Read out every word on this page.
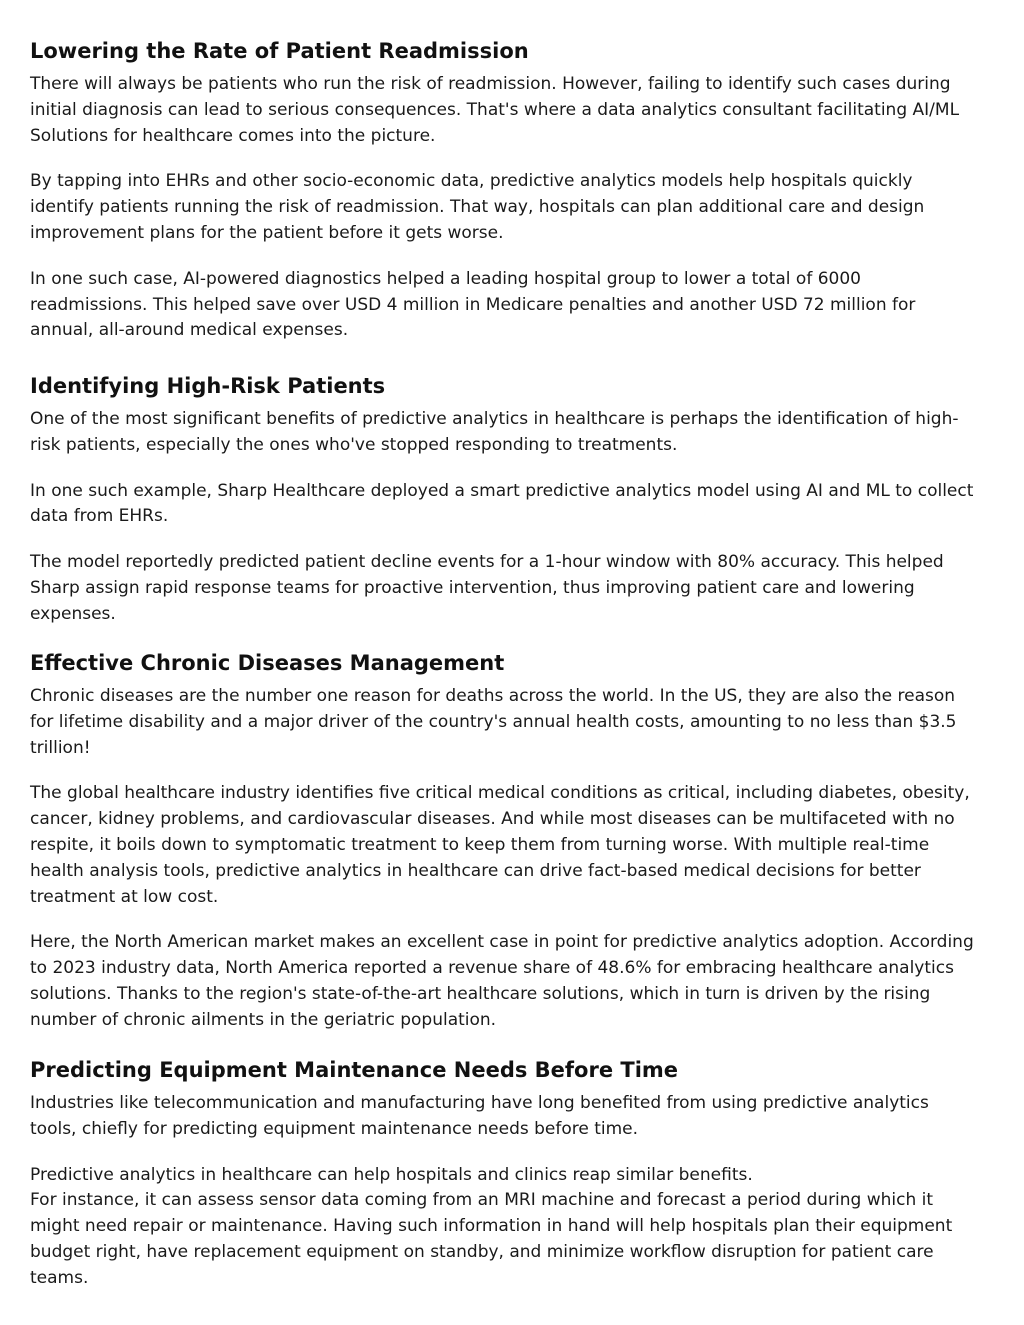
Lowering the Rate of Patient Readmission

There will always be patients who run the risk of readmission. However, failing to identify such cases during initial diagnosis can lead to serious consequences. That's where a data analytics consultant facilitating AI/ML Solutions for healthcare comes into the picture.

By tapping into EHRs and other socio-economic data, predictive analytics models help hospitals quickly identify patients running the risk of readmission. That way, hospitals can plan additional care and design improvement plans for the patient before it gets worse.

In one such case, AI-powered diagnostics helped a leading hospital group to lower a total of 6000 readmissions. This helped save over USD 4 million in Medicare penalties and another USD 72 million for annual, all-around medical expenses.

Identifying High-Risk Patients

One of the most significant benefits of predictive analytics in healthcare is perhaps the identification of high-risk patients, especially the ones who've stopped responding to treatments.

In one such example, Sharp Healthcare deployed a smart predictive analytics model using AI and ML to collect data from EHRs.

The model reportedly predicted patient decline events for a 1-hour window with 80% accuracy. This helped Sharp assign rapid response teams for proactive intervention, thus improving patient care and lowering expenses.

Effective Chronic Diseases Management

Chronic diseases are the number one reason for deaths across the world. In the US, they are also the reason for lifetime disability and a major driver of the country's annual health costs, amounting to no less than $3.5 trillion!

The global healthcare industry identifies five critical medical conditions as critical, including diabetes, obesity, cancer, kidney problems, and cardiovascular diseases. And while most diseases can be multifaceted with no respite, it boils down to symptomatic treatment to keep them from turning worse. With multiple real-time health analysis tools, predictive analytics in healthcare can drive fact-based medical decisions for better treatment at low cost.

Here, the North American market makes an excellent case in point for predictive analytics adoption. According to 2023 industry data, North America reported a revenue share of 48.6% for embracing healthcare analytics solutions. Thanks to the region's state-of-the-art healthcare solutions, which in turn is driven by the rising number of chronic ailments in the geriatric population.

Predicting Equipment Maintenance Needs Before Time

Industries like telecommunication and manufacturing have long benefited from using predictive analytics tools, chiefly for predicting equipment maintenance needs before time.

Predictive analytics in healthcare can help hospitals and clinics reap similar benefits.

For instance, it can assess sensor data coming from an MRI machine and forecast a period during which it might need repair or maintenance. Having such information in hand will help hospitals plan their equipment budget right, have replacement equipment on standby, and minimize workflow disruption for patient care teams.
